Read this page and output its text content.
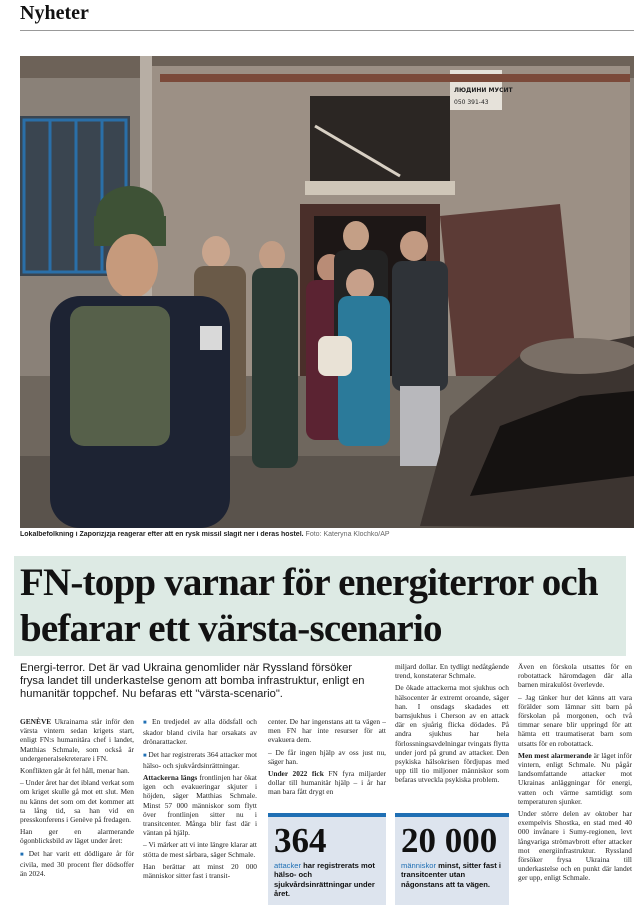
Nyheter
ЛЮДИНИ МУСИТ
050 391-43
Lokalbefolkning i Zaporizjzja reagerar efter att en rysk missil slagit ner i deras hostel. Foto: Kateryna Klochko/AP
FN-topp varnar för energiterror och befarar ett värsta-scenario

Energi-terror. Det är vad Ukraina genomlider när Ryssland försöker frysa landet till underkastelse genom att bomba infrastruktur, enligt en humanitär toppchef. Nu befaras ett "värsta-scenario".

GENÈVE Ukrainarna står inför den värsta vintern sedan krigets start, enligt FN:s humanitära chef i landet, Matthias Schmale, som också är undergeneralsekreterare i FN.

Konflikten går åt fel håll, menar han.

– Under året har det ibland verkat som om kriget skulle gå mot ett slut. Men nu känns det som om det kommer att ta lång tid, sa han vid en presskonferens i Genève på fredagen.

Han ger en alarmerande ögonblicksbild av läget under året:

■ Det har varit ett dödligare år för civila, med 30 procent fler dödsoffer än 2024.

■ En tredjedel av alla dödsfall och skador bland civila har orsakats av drönarattacker.

■ Det har registrerats 364 attacker mot hälso- och sjukvårdsinrättningar.

Attackerna längs frontlinjen har ökat igen och evakueringar skjuter i höjden, säger Matthias Schmale. Minst 57 000 människor som flytt över frontlinjen sitter nu i transitcenter. Många blir fast där i väntan på hjälp.

– Vi märker att vi inte längre klarar att stötta de mest sårbara, säger Schmale.

Han berättar att minst 20 000 människor sitter fast i transit-

center. De har ingenstans att ta vägen – men FN har inte resurser för att evakuera dem.

– De får ingen hjälp av oss just nu, säger han.

Under 2022 fick FN fyra miljarder dollar till humanitär hjälp – i år har man bara fått drygt en

miljard dollar. En tydligt nedåtgående trend, konstaterar Schmale.

De ökade attackerna mot sjukhus och hälsocenter är extremt oroande, säger han. I onsdags skadades ett barnsjukhus i Cherson av en attack där en sjuårig flicka dödades. På andra sjukhus har hela förlossningsavdelningar tvingats flytta under jord på grund av attacker. Den psykiska hälsokrisen fördjupas med upp till tio miljoner människor som befaras utveckla psykiska problem.

Även en förskola utsattes för en robotattack häromdagen där alla barnen mirakulöst överlevde.

– Jag tänker hur det känns att vara förälder som lämnar sitt barn på förskolan på morgonen, och två timmar senare blir uppringd för att hämta ett traumatiserat barn som utsatts för en robotattack.

Men mest alarmerande är läget inför vintern, enligt Schmale. Nu pågår landsomfattande attacker mot Ukrainas anläggningar för energi, vatten och värme samtidigt som temperaturen sjunker.

Under större delen av oktober har exempelvis Shostka, en stad med 40 000 invånare i Sumy-regionen, levt långvariga strömavbrott efter attacker mot energiinfrastruktur. Ryssland försöker frysa Ukraina till underkastelse och en punkt där landet ger upp, enligt Schmale.

364
attacker har registrerats mot hälso- och sjukvårdsinrättningar under året.
20 000
människor minst, sitter fast i transitcenter utan någonstans att ta vägen.
